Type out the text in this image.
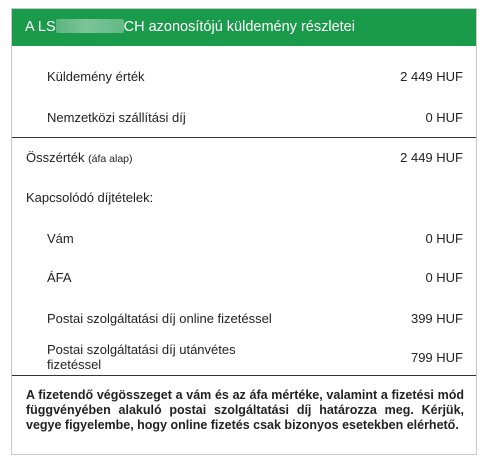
A LS	CH azonosítójú küldemény részletei
Küldemény érték	2 449 HUF
Nemzetközi szállítási díj	0 HUF
Összérték (áfa alap)	2 449 HUF
Kapcsolódó díjtételek:
Vám	0 HUF
ÁFA	0 HUF
Postai szolgáltatási díj online fizetéssel	399 HUF
Postai szolgáltatási díj utánvétes
fizetéssel	799 HUF
A fizetendő végösszeget a vám és az áfa mértéke, valamint a fizetési mód függvényében alakuló postai szolgáltatási díj határozza meg. Kérjük, vegye figyelembe, hogy online fizetés csak bizonyos esetekben elérhető.
